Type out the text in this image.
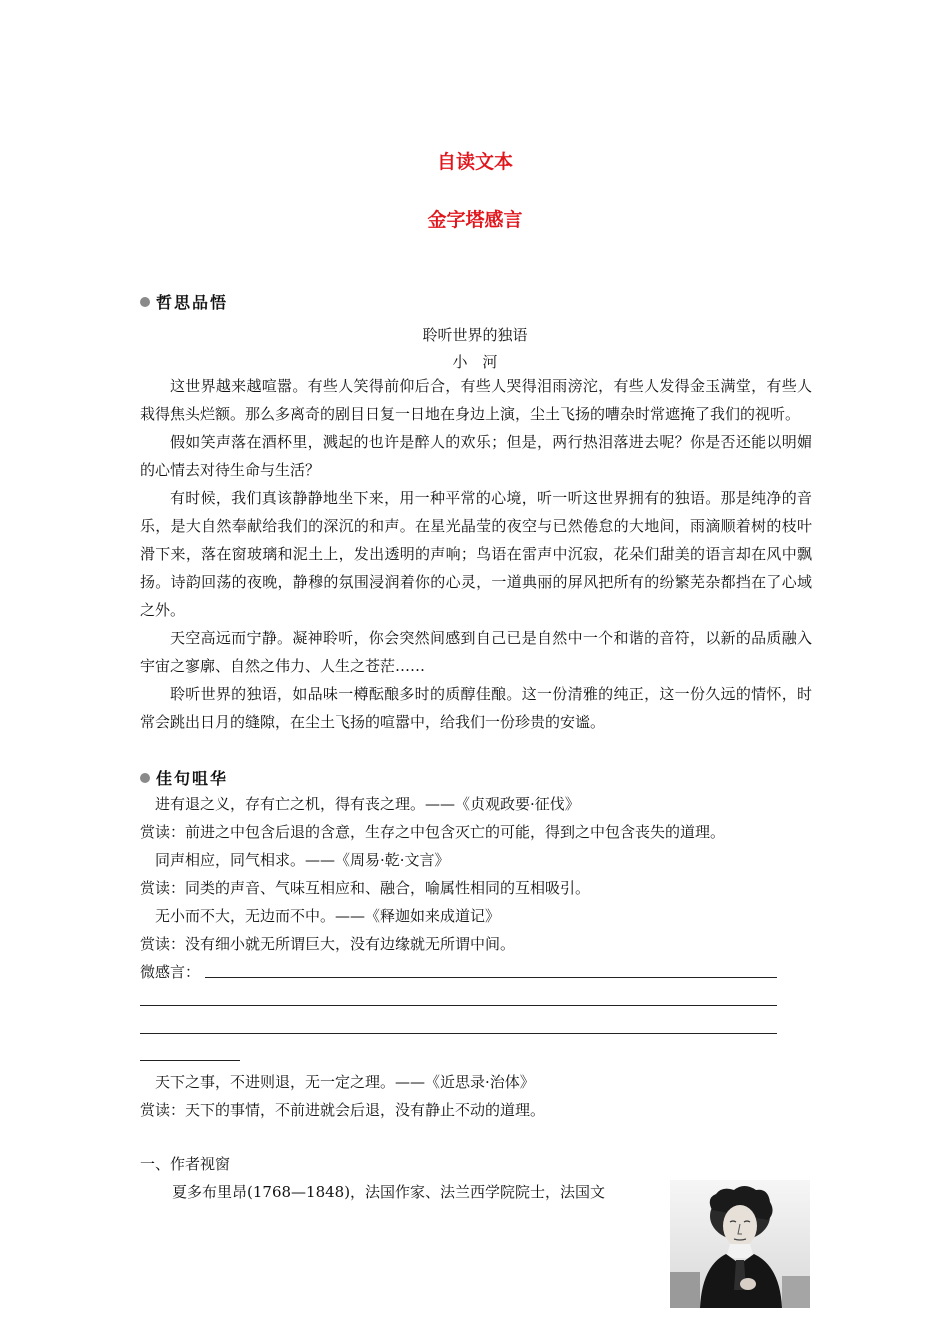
自读文本
金字塔感言
哲思品悟
聆听世界的独语
小　河

这世界越来越喧嚣。有些人笑得前仰后合，有些人哭得泪雨滂沱，有些人发得金玉满堂，有些人栽得焦头烂额。那么多离奇的剧目日复一日地在身边上演，尘土飞扬的嘈杂时常遮掩了我们的视听。

假如笑声落在酒杯里，溅起的也许是醉人的欢乐；但是，两行热泪落进去呢？你是否还能以明媚的心情去对待生命与生活？

有时候，我们真该静静地坐下来，用一种平常的心境，听一听这世界拥有的独语。那是纯净的音乐，是大自然奉献给我们的深沉的和声。在星光晶莹的夜空与已然倦怠的大地间，雨滴顺着树的枝叶滑下来，落在窗玻璃和泥土上，发出透明的声响；鸟语在雷声中沉寂，花朵们甜美的语言却在风中飘扬。诗韵回荡的夜晚，静穆的氛围浸润着你的心灵，一道典丽的屏风把所有的纷繁芜杂都挡在了心域之外。

天空高远而宁静。凝神聆听，你会突然间感到自己已是自然中一个和谐的音符，以新的品质融入宇宙之寥廓、自然之伟力、人生之苍茫……

聆听世界的独语，如品味一樽酝酿多时的质醇佳酿。这一份清雅的纯正，这一份久远的情怀，时常会跳出日月的缝隙，在尘土飞扬的喧嚣中，给我们一份珍贵的安谧。

佳句咀华
进有退之义，存有亡之机，得有丧之理。——《贞观政要·征伐》
赏读：前进之中包含后退的含意，生存之中包含灭亡的可能，得到之中包含丧失的道理。
同声相应，同气相求。——《周易·乾·文言》
赏读：同类的声音、气味互相应和、融合，喻属性相同的互相吸引。
无小而不大，无边而不中。——《释迦如来成道记》
赏读：没有细小就无所谓巨大，没有边缘就无所谓中间。
微感言：
天下之事，不进则退，无一定之理。——《近思录·治体》
赏读：天下的事情，不前进就会后退，没有静止不动的道理。
一、作者视窗
夏多布里昂(1768—1848)，法国作家、法兰西学院院士，法国文
